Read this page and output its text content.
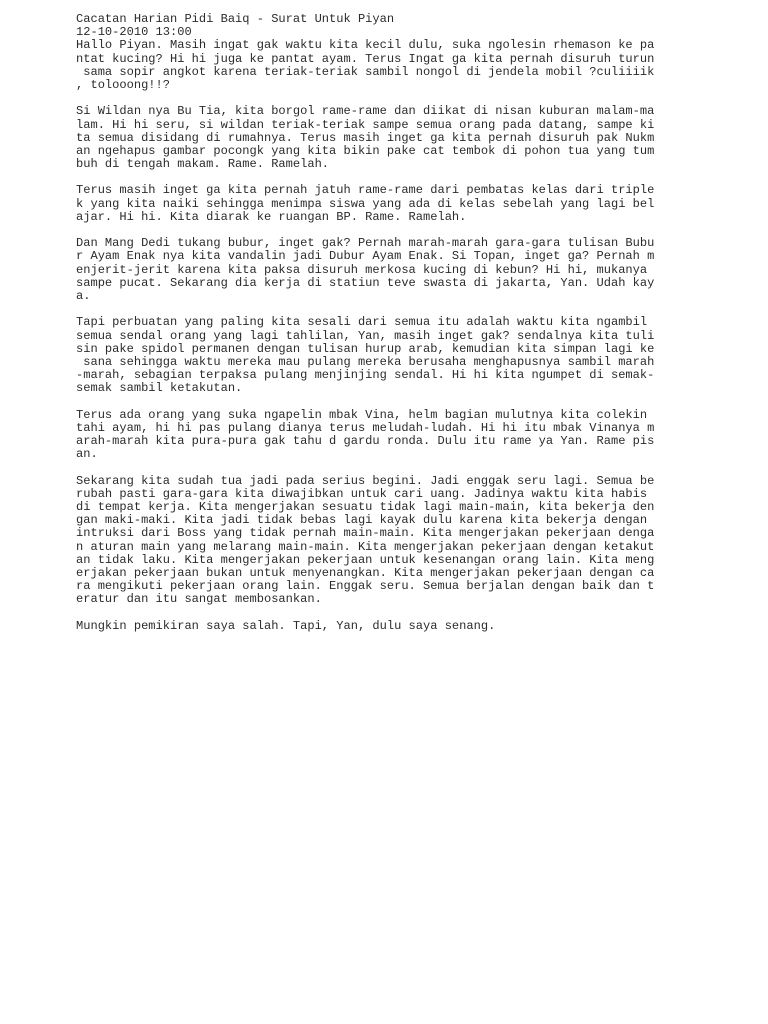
Cacatan Harian Pidi Baiq - Surat Untuk Piyan
12-10-2010 13:00
Hallo Piyan. Masih ingat gak waktu kita kecil dulu, suka ngolesin rhemason ke pa
ntat kucing? Hi hi juga ke pantat ayam. Terus Ingat ga kita pernah disuruh turun
sama sopir angkot karena teriak-teriak sambil nongol di jendela mobil ?culiiiik
, tolooong!!?
Si Wildan nya Bu Tia, kita borgol rame-rame dan diikat di nisan kuburan malam-ma
lam. Hi hi seru, si wildan teriak-teriak sampe semua orang pada datang, sampe ki
ta semua disidang di rumahnya. Terus masih inget ga kita pernah disuruh pak Nukm
an ngehapus gambar pocongk yang kita bikin pake cat tembok di pohon tua yang tum
buh di tengah makam. Rame. Ramelah.
Terus masih inget ga kita pernah jatuh rame-rame dari pembatas kelas dari triple
k yang kita naiki sehingga menimpa siswa yang ada di kelas sebelah yang lagi bel
ajar. Hi hi. Kita diarak ke ruangan BP. Rame. Ramelah.
Dan Mang Dedi tukang bubur, inget gak? Pernah marah-marah gara-gara tulisan Bubu
r Ayam Enak nya kita vandalin jadi Dubur Ayam Enak. Si Topan, inget ga? Pernah m
enjerit-jerit karena kita paksa disuruh merkosa kucing di kebun? Hi hi, mukanya
sampe pucat. Sekarang dia kerja di statiun teve swasta di jakarta, Yan. Udah kay
a.
Tapi perbuatan yang paling kita sesali dari semua itu adalah waktu kita ngambil
semua sendal orang yang lagi tahlilan, Yan, masih inget gak? sendalnya kita tuli
sin pake spidol permanen dengan tulisan hurup arab, kemudian kita simpan lagi ke
sana sehingga waktu mereka mau pulang mereka berusaha menghapusnya sambil marah
-marah, sebagian terpaksa pulang menjinjing sendal. Hi hi kita ngumpet di semak-
semak sambil ketakutan.
Terus ada orang yang suka ngapelin mbak Vina, helm bagian mulutnya kita colekin
tahi ayam, hi hi pas pulang dianya terus meludah-ludah. Hi hi itu mbak Vinanya m
arah-marah kita pura-pura gak tahu d gardu ronda. Dulu itu rame ya Yan. Rame pis
an.
Sekarang kita sudah tua jadi pada serius begini. Jadi enggak seru lagi. Semua be
rubah pasti gara-gara kita diwajibkan untuk cari uang. Jadinya waktu kita habis
di tempat kerja. Kita mengerjakan sesuatu tidak lagi main-main, kita bekerja den
gan maki-maki. Kita jadi tidak bebas lagi kayak dulu karena kita bekerja dengan
intruksi dari Boss yang tidak pernah main-main. Kita mengerjakan pekerjaan denga
n aturan main yang melarang main-main. Kita mengerjakan pekerjaan dengan ketakut
an tidak laku. Kita mengerjakan pekerjaan untuk kesenangan orang lain. Kita meng
erjakan pekerjaan bukan untuk menyenangkan. Kita mengerjakan pekerjaan dengan ca
ra mengikuti pekerjaan orang lain. Enggak seru. Semua berjalan dengan baik dan t
eratur dan itu sangat membosankan.
Mungkin pemikiran saya salah. Tapi, Yan, dulu saya senang.
